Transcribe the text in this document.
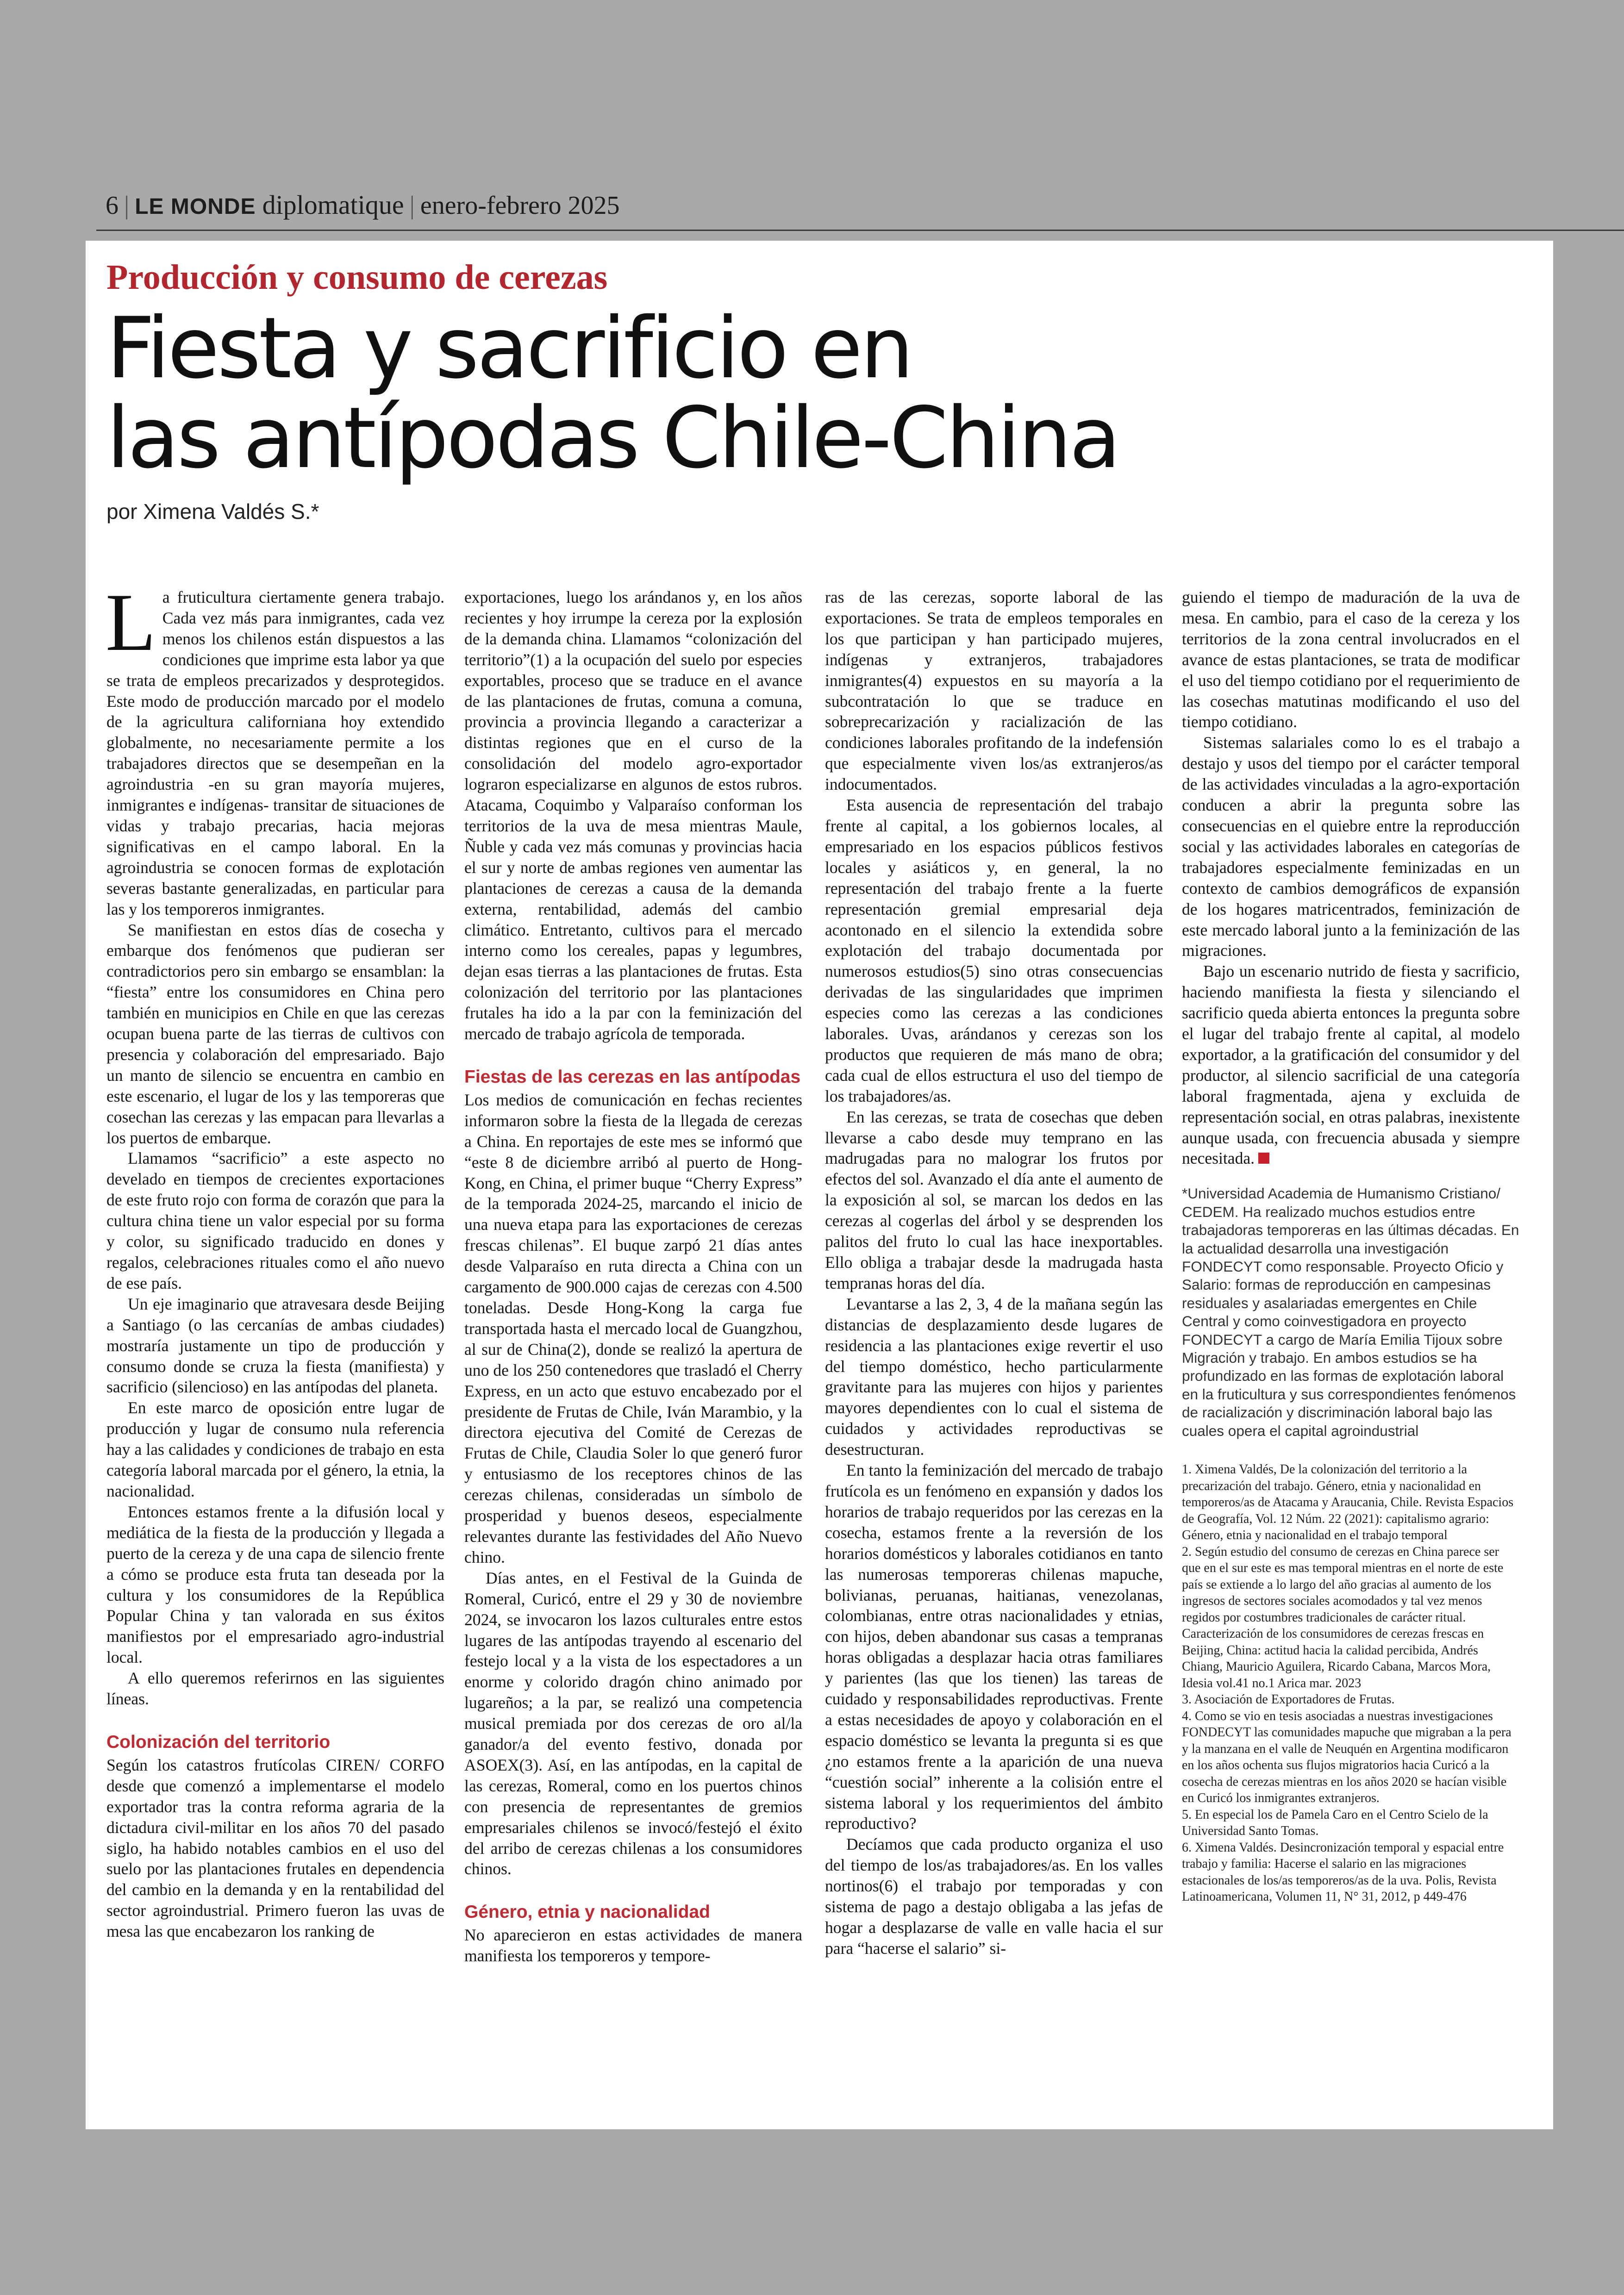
6 | LE MONDE diplomatique | enero-febrero 2025
Producción y consumo de cerezas
Fiesta y sacrificio en
las antípodas Chile-China
por Ximena Valdés S.*

La fruticultura ciertamente genera trabajo. Cada vez más para inmigrantes, cada vez menos los chilenos están dispuestos a las condiciones que imprime esta labor ya que se trata de empleos precarizados y desprotegidos. Este modo de producción marcado por el modelo de la agricultura californiana hoy extendido globalmente, no necesariamente permite a los trabajadores directos que se desempeñan en la agroindustria -en su gran mayoría mujeres, inmigrantes e indígenas- transitar de situaciones de vidas y trabajo precarias, hacia mejoras significativas en el campo laboral. En la agroindustria se conocen formas de explotación severas bastante generalizadas, en particular para las y los temporeros inmigrantes.

Se manifiestan en estos días de cosecha y embarque dos fenómenos que pudieran ser contradictorios pero sin embargo se ensamblan: la “fiesta” entre los consumidores en China pero también en municipios en Chile en que las cerezas ocupan buena parte de las tierras de cultivos con presencia y colaboración del empresariado. Bajo un manto de silencio se encuentra en cambio en este escenario, el lugar de los y las temporeras que cosechan las cerezas y las empacan para llevarlas a los puertos de embarque.

Llamamos “sacrificio” a este aspecto no develado en tiempos de crecientes exportaciones de este fruto rojo con forma de corazón que para la cultura china tiene un valor especial por su forma y color, su significado traducido en dones y regalos, celebraciones rituales como el año nuevo de ese país.

Un eje imaginario que atravesara desde Beijing a Santiago (o las cercanías de ambas ciudades) mostraría justamente un tipo de producción y consumo donde se cruza la fiesta (manifiesta) y sacrificio (silencioso) en las antípodas del planeta.

En este marco de oposición entre lugar de producción y lugar de consumo nula referencia hay a las calidades y condiciones de trabajo en esta categoría laboral marcada por el género, la etnia, la nacionalidad.

Entonces estamos frente a la difusión local y mediática de la fiesta de la producción y llegada a puerto de la cereza y de una capa de silencio frente a cómo se produce esta fruta tan deseada por la cultura y los consumidores de la República Popular China y tan valorada en sus éxitos manifiestos por el empresariado agro-industrial local.

A ello queremos referirnos en las siguientes líneas.

Colonización del territorio

Según los catastros frutícolas CIREN/ CORFO desde que comenzó a implementarse el modelo exportador tras la contra reforma agraria de la dictadura civil-militar en los años 70 del pasado siglo, ha habido notables cambios en el uso del suelo por las plantaciones frutales en dependencia del cambio en la demanda y en la rentabilidad del sector agroindustrial. Primero fueron las uvas de mesa las que encabezaron los ranking de

exportaciones, luego los arándanos y, en los años recientes y hoy irrumpe la cereza por la explosión de la demanda china. Llamamos “colonización del territorio”(1) a la ocupación del suelo por especies exportables, proceso que se traduce en el avance de las plantaciones de frutas, comuna a comuna, provincia a provincia llegando a caracterizar a distintas regiones que en el curso de la consolidación del modelo agro-exportador lograron especializarse en algunos de estos rubros. Atacama, Coquimbo y Valparaíso conforman los territorios de la uva de mesa mientras Maule, Ñuble y cada vez más comunas y provincias hacia el sur y norte de ambas regiones ven aumentar las plantaciones de cerezas a causa de la demanda externa, rentabilidad, además del cambio climático. Entretanto, cultivos para el mercado interno como los cereales, papas y legumbres, dejan esas tierras a las plantaciones de frutas. Esta colonización del territorio por las plantaciones frutales ha ido a la par con la feminización del mercado de trabajo agrícola de temporada.

Fiestas de las cerezas en las antípodas

Los medios de comunicación en fechas recientes informaron sobre la fiesta de la llegada de cerezas a China. En reportajes de este mes se informó que “este 8 de diciembre arribó al puerto de Hong-Kong, en China, el primer buque “Cherry Express” de la temporada 2024-25, marcando el inicio de una nueva etapa para las exportaciones de cerezas frescas chilenas”. El buque zarpó 21 días antes desde Valparaíso en ruta directa a China con un cargamento de 900.000 cajas de cerezas con 4.500 toneladas. Desde Hong-Kong la carga fue transportada hasta el mercado local de Guangzhou, al sur de China(2), donde se realizó la apertura de uno de los 250 contenedores que trasladó el Cherry Express, en un acto que estuvo encabezado por el presidente de Frutas de Chile, Iván Marambio, y la directora ejecutiva del Comité de Cerezas de Frutas de Chile, Claudia Soler lo que generó furor y entusiasmo de los receptores chinos de las cerezas chilenas, consideradas un símbolo de prosperidad y buenos deseos, especialmente relevantes durante las festividades del Año Nuevo chino.

Días antes, en el Festival de la Guinda de Romeral, Curicó, entre el 29 y 30 de noviembre 2024, se invocaron los lazos culturales entre estos lugares de las antípodas trayendo al escenario del festejo local y a la vista de los espectadores a un enorme y colorido dragón chino animado por lugareños; a la par, se realizó una competencia musical premiada por dos cerezas de oro al/la ganador/a del evento festivo, donada por ASOEX(3). Así, en las antípodas, en la capital de las cerezas, Romeral, como en los puertos chinos con presencia de representantes de gremios empresariales chilenos se invocó/festejó el éxito del arribo de cerezas chilenas a los consumidores chinos.

Género, etnia y nacionalidad

No aparecieron en estas actividades de manera manifiesta los temporeros y tempore-

ras de las cerezas, soporte laboral de las exportaciones. Se trata de empleos temporales en los que participan y han participado mujeres, indígenas y extranjeros, trabajadores inmigrantes(4) expuestos en su mayoría a la subcontratación lo que se traduce en sobreprecarización y racialización de las condiciones laborales profitando de la indefensión que especialmente viven los/as extranjeros/as indocumentados.

Esta ausencia de representación del trabajo frente al capital, a los gobiernos locales, al empresariado en los espacios públicos festivos locales y asiáticos y, en general, la no representación del trabajo frente a la fuerte representación gremial empresarial deja acontonado en el silencio la extendida sobre explotación del trabajo documentada por numerosos estudios(5) sino otras consecuencias derivadas de las singularidades que imprimen especies como las cerezas a las condiciones laborales. Uvas, arándanos y cerezas son los productos que requieren de más mano de obra; cada cual de ellos estructura el uso del tiempo de los trabajadores/as.

En las cerezas, se trata de cosechas que deben llevarse a cabo desde muy temprano en las madrugadas para no malograr los frutos por efectos del sol. Avanzado el día ante el aumento de la exposición al sol, se marcan los dedos en las cerezas al cogerlas del árbol y se desprenden los palitos del fruto lo cual las hace inexportables. Ello obliga a trabajar desde la madrugada hasta tempranas horas del día.

Levantarse a las 2, 3, 4 de la mañana según las distancias de desplazamiento desde lugares de residencia a las plantaciones exige revertir el uso del tiempo doméstico, hecho particularmente gravitante para las mujeres con hijos y parientes mayores dependientes con lo cual el sistema de cuidados y actividades reproductivas se desestructuran.

En tanto la feminización del mercado de trabajo frutícola es un fenómeno en expansión y dados los horarios de trabajo requeridos por las cerezas en la cosecha, estamos frente a la reversión de los horarios domésticos y laborales cotidianos en tanto las numerosas temporeras chilenas mapuche, bolivianas, peruanas, haitianas, venezolanas, colombianas, entre otras nacionalidades y etnias, con hijos, deben abandonar sus casas a tempranas horas obligadas a desplazar hacia otras familiares y parientes (las que los tienen) las tareas de cuidado y responsabilidades reproductivas. Frente a estas necesidades de apoyo y colaboración en el espacio doméstico se levanta la pregunta si es que ¿no estamos frente a la aparición de una nueva “cuestión social” inherente a la colisión entre el sistema laboral y los requerimientos del ámbito reproductivo?

Decíamos que cada producto organiza el uso del tiempo de los/as trabajadores/as. En los valles nortinos(6) el trabajo por temporadas y con sistema de pago a destajo obligaba a las jefas de hogar a desplazarse de valle en valle hacia el sur para “hacerse el salario” si-

guiendo el tiempo de maduración de la uva de mesa. En cambio, para el caso de la cereza y los territorios de la zona central involucrados en el avance de estas plantaciones, se trata de modificar el uso del tiempo cotidiano por el requerimiento de las cosechas matutinas modificando el uso del tiempo cotidiano.

Sistemas salariales como lo es el trabajo a destajo y usos del tiempo por el carácter temporal de las actividades vinculadas a la agro-exportación conducen a abrir la pregunta sobre las consecuencias en el quiebre entre la reproducción social y las actividades laborales en categorías de trabajadores especialmente feminizadas en un contexto de cambios demográficos de expansión de los hogares matricentrados, feminización de este mercado laboral junto a la feminización de las migraciones.

Bajo un escenario nutrido de fiesta y sacrificio, haciendo manifiesta la fiesta y silenciando el sacrificio queda abierta entonces la pregunta sobre el lugar del trabajo frente al capital, al modelo exportador, a la gratificación del consumidor y del productor, al silencio sacrificial de una categoría laboral fragmentada, ajena y excluida de representación social, en otras palabras, inexistente aunque usada, con frecuencia abusada y siempre necesitada.

*Universidad Academia de Humanismo Cristiano/ CEDEM. Ha realizado muchos estudios entre trabajadoras temporeras en las últimas décadas. En la actualidad desarrolla una investigación FONDECYT como responsable. Proyecto Oficio y Salario: formas de reproducción en campesinas residuales y asalariadas emergentes en Chile Central y como coinvestigadora en proyecto FONDECYT a cargo de María Emilia Tijoux sobre Migración y trabajo. En ambos estudios se ha profundizado en las formas de explotación laboral en la fruticultura y sus correspondientes fenómenos de racialización y discriminación laboral bajo las cuales opera el capital agroindustrial
1. Ximena Valdés, De la colonización del territorio a la precarización del trabajo. Género, etnia y nacionalidad en temporeros/as de Atacama y Araucania, Chile. Revista Espacios de Geografía, Vol. 12 Núm. 22 (2021): capitalismo agrario: Género, etnia y nacionalidad en el trabajo temporal
2. Según estudio del consumo de cerezas en China parece ser que en el sur este es mas temporal mientras en el norte de este país se extiende a lo largo del año gracias al aumento de los ingresos de sectores sociales acomodados y tal vez menos regidos por costumbres tradicionales de carácter ritual. Caracterización de los consumidores de cerezas frescas en Beijing, China: actitud hacia la calidad percibida, Andrés Chiang, Mauricio Aguilera, Ricardo Cabana, Marcos Mora, Idesia vol.41 no.1 Arica mar. 2023
3. Asociación de Exportadores de Frutas.
4. Como se vio en tesis asociadas a nuestras investigaciones FONDECYT las comunidades mapuche que migraban a la pera y la manzana en el valle de Neuquén en Argentina modificaron en los años ochenta sus flujos migratorios hacia Curicó a la cosecha de cerezas mientras en los años 2020 se hacían visible en Curicó los inmigrantes extranjeros.
5. En especial los de Pamela Caro en el Centro Scielo de la Universidad Santo Tomas.
6. Ximena Valdés. Desincronización temporal y espacial entre trabajo y familia: Hacerse el salario en las migraciones estacionales de los/as temporeros/as de la uva. Polis, Revista Latinoamericana, Volumen 11, N° 31, 2012, p 449-476
